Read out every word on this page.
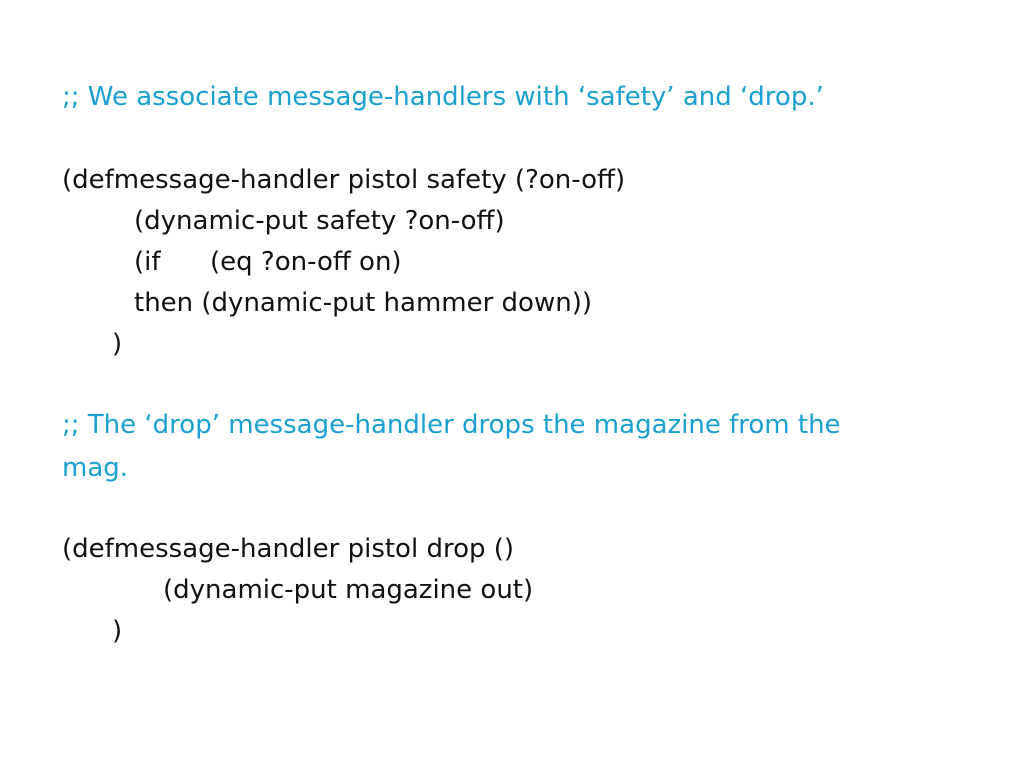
;; We associate message-handlers with ‘safety’ and ‘drop.’
(defmessage-handler pistol safety (?on-off)
(dynamic-put safety ?on-off)
(if (eq ?on-off on)
then (dynamic-put hammer down))
)
;; The ‘drop’ message-handler drops the magazine from the
mag.
(defmessage-handler pistol drop ()
(dynamic-put magazine out)
)
